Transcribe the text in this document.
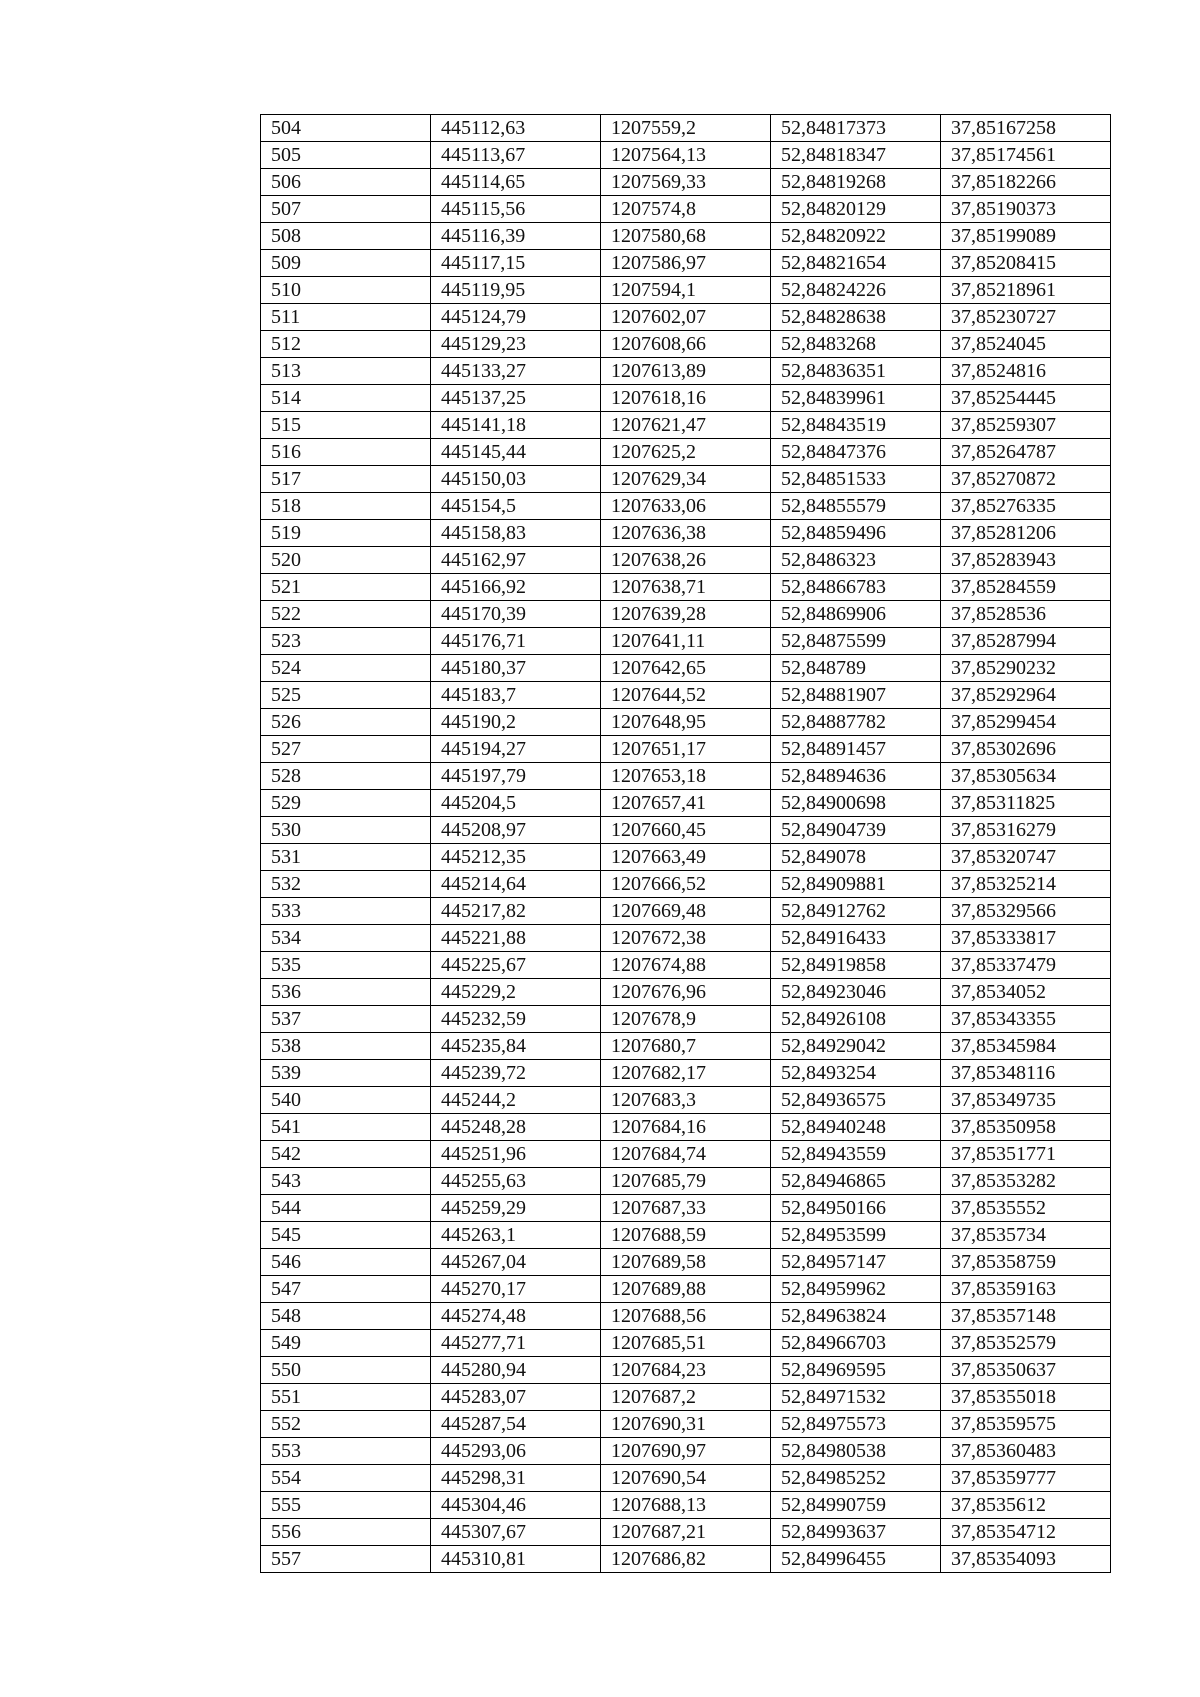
504	445112,63	1207559,2	52,84817373	37,85167258
505	445113,67	1207564,13	52,84818347	37,85174561
506	445114,65	1207569,33	52,84819268	37,85182266
507	445115,56	1207574,8	52,84820129	37,85190373
508	445116,39	1207580,68	52,84820922	37,85199089
509	445117,15	1207586,97	52,84821654	37,85208415
510	445119,95	1207594,1	52,84824226	37,85218961
511	445124,79	1207602,07	52,84828638	37,85230727
512	445129,23	1207608,66	52,8483268	37,8524045
513	445133,27	1207613,89	52,84836351	37,8524816
514	445137,25	1207618,16	52,84839961	37,85254445
515	445141,18	1207621,47	52,84843519	37,85259307
516	445145,44	1207625,2	52,84847376	37,85264787
517	445150,03	1207629,34	52,84851533	37,85270872
518	445154,5	1207633,06	52,84855579	37,85276335
519	445158,83	1207636,38	52,84859496	37,85281206
520	445162,97	1207638,26	52,8486323	37,85283943
521	445166,92	1207638,71	52,84866783	37,85284559
522	445170,39	1207639,28	52,84869906	37,8528536
523	445176,71	1207641,11	52,84875599	37,85287994
524	445180,37	1207642,65	52,848789	37,85290232
525	445183,7	1207644,52	52,84881907	37,85292964
526	445190,2	1207648,95	52,84887782	37,85299454
527	445194,27	1207651,17	52,84891457	37,85302696
528	445197,79	1207653,18	52,84894636	37,85305634
529	445204,5	1207657,41	52,84900698	37,85311825
530	445208,97	1207660,45	52,84904739	37,85316279
531	445212,35	1207663,49	52,849078	37,85320747
532	445214,64	1207666,52	52,84909881	37,85325214
533	445217,82	1207669,48	52,84912762	37,85329566
534	445221,88	1207672,38	52,84916433	37,85333817
535	445225,67	1207674,88	52,84919858	37,85337479
536	445229,2	1207676,96	52,84923046	37,8534052
537	445232,59	1207678,9	52,84926108	37,85343355
538	445235,84	1207680,7	52,84929042	37,85345984
539	445239,72	1207682,17	52,8493254	37,85348116
540	445244,2	1207683,3	52,84936575	37,85349735
541	445248,28	1207684,16	52,84940248	37,85350958
542	445251,96	1207684,74	52,84943559	37,85351771
543	445255,63	1207685,79	52,84946865	37,85353282
544	445259,29	1207687,33	52,84950166	37,8535552
545	445263,1	1207688,59	52,84953599	37,8535734
546	445267,04	1207689,58	52,84957147	37,85358759
547	445270,17	1207689,88	52,84959962	37,85359163
548	445274,48	1207688,56	52,84963824	37,85357148
549	445277,71	1207685,51	52,84966703	37,85352579
550	445280,94	1207684,23	52,84969595	37,85350637
551	445283,07	1207687,2	52,84971532	37,85355018
552	445287,54	1207690,31	52,84975573	37,85359575
553	445293,06	1207690,97	52,84980538	37,85360483
554	445298,31	1207690,54	52,84985252	37,85359777
555	445304,46	1207688,13	52,84990759	37,8535612
556	445307,67	1207687,21	52,84993637	37,85354712
557	445310,81	1207686,82	52,84996455	37,85354093
